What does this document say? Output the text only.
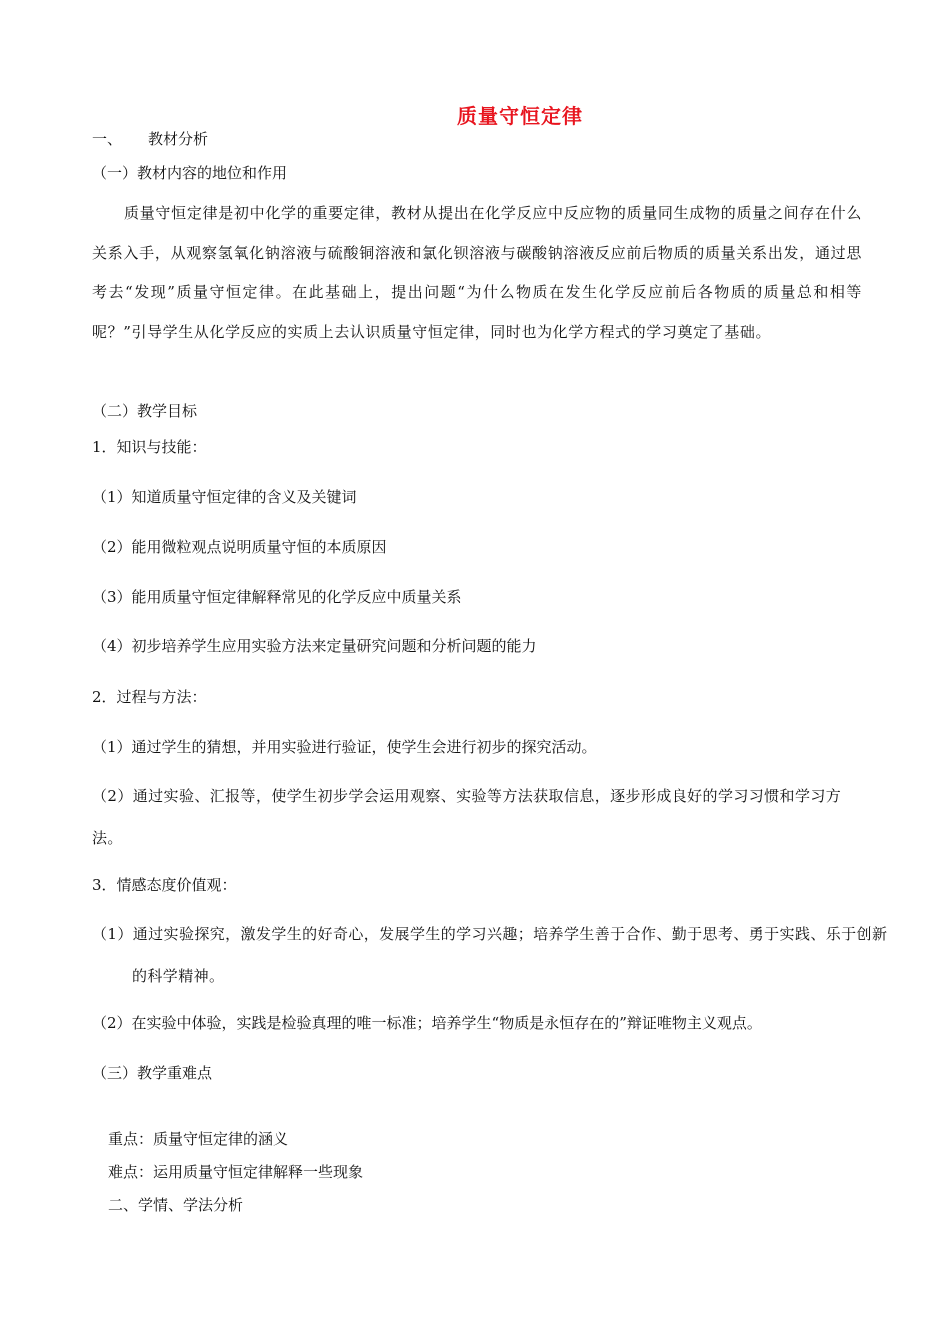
质量守恒定律
一、 教材分析
（一）教材内容的地位和作用
质量守恒定律是初中化学的重要定律，教材从提出在化学反应中反应物的质量同生成物的质量之间存在什么关系入手，从观察氢氧化钠溶液与硫酸铜溶液和氯化钡溶液与碳酸钠溶液反应前后物质的质量关系出发，通过思考去“发现”质量守恒定律。在此基础上，提出问题“为什么物质在发生化学反应前后各物质的质量总和相等呢？”引导学生从化学反应的实质上去认识质量守恒定律，同时也为化学方程式的学习奠定了基础。
（二）教学目标
1．知识与技能：
（1）知道质量守恒定律的含义及关键词
（2）能用微粒观点说明质量守恒的本质原因
（3）能用质量守恒定律解释常见的化学反应中质量关系
（4）初步培养学生应用实验方法来定量研究问题和分析问题的能力
2．过程与方法：
（1）通过学生的猜想，并用实验进行验证，使学生会进行初步的探究活动。
（2）通过实验、汇报等，使学生初步学会运用观察、实验等方法获取信息，逐步形成良好的学习习惯和学习方法。
3．情感态度价值观：
（1）通过实验探究，激发学生的好奇心，发展学生的学习兴趣；培养学生善于合作、勤于思考、勇于实践、乐于创新的科学精神。
（2）在实验中体验，实践是检验真理的唯一标准；培养学生“物质是永恒存在的”辩证唯物主义观点。
（三）教学重难点
重点：质量守恒定律的涵义
难点：运用质量守恒定律解释一些现象
二、学情、学法分析
